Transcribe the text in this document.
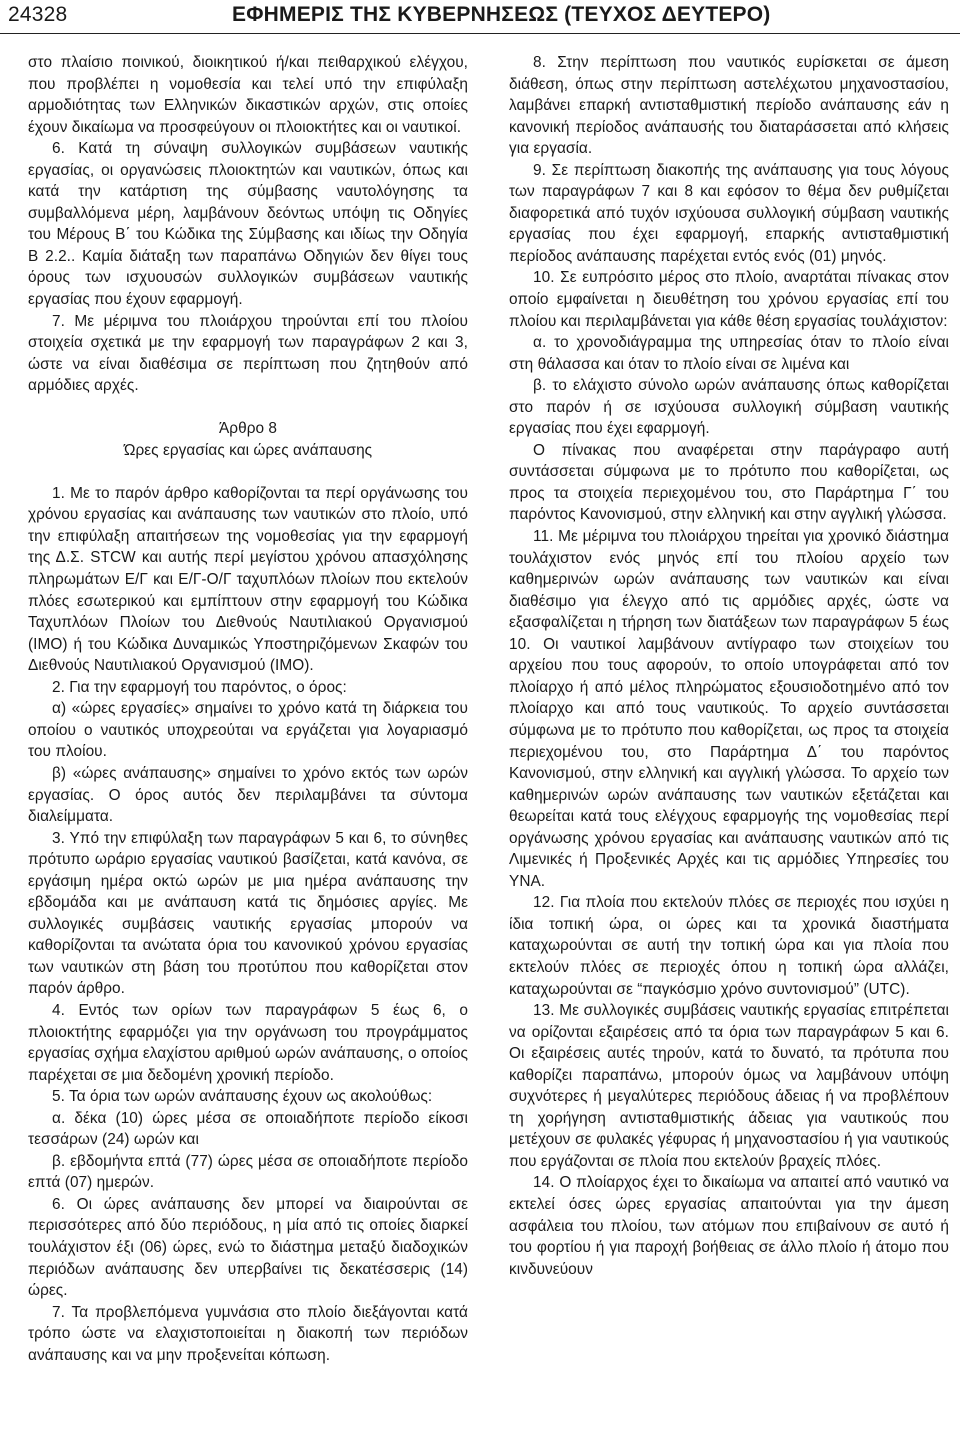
24328	ΕΦΗΜΕΡΙΣ ΤΗΣ ΚΥΒΕΡΝΗΣΕΩΣ (ΤΕΥΧΟΣ ΔΕΥΤΕΡΟ)

στο πλαίσιο ποινικού, διοικητικού ή/και πειθαρχικού ελέγχου, που προβλέπει η νομοθεσία και τελεί υπό την επιφύλαξη αρμοδιότητας των Ελληνικών δικαστικών αρχών, στις οποίες έχουν δικαίωμα να προσφεύγουν οι πλοιοκτήτες και οι ναυτικοί.

6. Κατά τη σύναψη συλλογικών συμβάσεων ναυτικής εργασίας, οι οργανώσεις πλοιοκτητών και ναυτικών, όπως και κατά την κατάρτιση της σύμβασης ναυτολόγησης τα συμβαλλόμενα μέρη, λαμβάνουν δεόντως υπόψη τις Οδηγίες του Μέρους Β΄ του Κώδικα της Σύμβασης και ιδίως την Οδηγία Β 2.2.. Καμία διάταξη των παραπάνω Οδηγιών δεν θίγει τους όρους των ισχυουσών συλλογικών συμβάσεων ναυτικής εργασίας που έχουν εφαρμογή.

7. Με μέριμνα του πλοιάρχου τηρούνται επί του πλοίου στοιχεία σχετικά με την εφαρμογή των παραγράφων 2 και 3, ώστε να είναι διαθέσιμα σε περίπτωση που ζητηθούν από αρμόδιες αρχές.

Άρθρο 8

Ώρες εργασίας και ώρες ανάπαυσης

1. Με το παρόν άρθρο καθορίζονται τα περί οργάνωσης του χρόνου εργασίας και ανάπαυσης των ναυτικών στο πλοίο, υπό την επιφύλαξη απαιτήσεων της νομοθεσίας για την εφαρμογή της Δ.Σ. STCW και αυτής περί μεγίστου χρόνου απασχόλησης πληρωμάτων Ε/Γ και Ε/Γ-Ο/Γ ταχυπλόων πλοίων που εκτελούν πλόες εσωτερικού και εμπίπτουν στην εφαρμογή του Κώδικα Ταχυπλόων Πλοίων του Διεθνούς Ναυτιλιακού Οργανισμού (ΙΜΟ) ή του Κώδικα Δυναμικώς Υποστηριζόμενων Σκαφών του Διεθνούς Ναυτιλιακού Οργανισμού (ΙΜΟ).

2. Για την εφαρμογή του παρόντος, ο όρος:

α) «ώρες εργασίες» σημαίνει το χρόνο κατά τη διάρκεια του οποίου ο ναυτικός υποχρεούται να εργάζεται για λογαριασμό του πλοίου.

β) «ώρες ανάπαυσης» σημαίνει το χρόνο εκτός των ωρών εργασίας. Ο όρος αυτός δεν περιλαμβάνει τα σύντομα διαλείμματα.

3. Υπό την επιφύλαξη των παραγράφων 5 και 6, το σύνηθες πρότυπο ωράριο εργασίας ναυτικού βασίζεται, κατά κανόνα, σε εργάσιμη ημέρα οκτώ ωρών με μια ημέρα ανάπαυσης την εβδομάδα και με ανάπαυση κατά τις δημόσιες αργίες. Με συλλογικές συμβάσεις ναυτικής εργασίας μπορούν να καθορίζονται τα ανώτατα όρια του κανονικού χρόνου εργασίας των ναυτικών στη βάση του προτύπου που καθορίζεται στον παρόν άρθρο.

4. Εντός των ορίων των παραγράφων 5 έως 6, ο πλοιοκτήτης εφαρμόζει για την οργάνωση του προγράμματος εργασίας σχήμα ελαχίστου αριθμού ωρών ανάπαυσης, ο οποίος παρέχεται σε μια δεδομένη χρονική περίοδο.

5. Τα όρια των ωρών ανάπαυσης έχουν ως ακολούθως:

α. δέκα (10) ώρες μέσα σε οποιαδήποτε περίοδο είκοσι τεσσάρων (24) ωρών και

β. εβδομήντα επτά (77) ώρες μέσα σε οποιαδήποτε περίοδο επτά (07) ημερών.

6. Οι ώρες ανάπαυσης δεν μπορεί να διαιρούνται σε περισσότερες από δύο περιόδους, η μία από τις οποίες διαρκεί τουλάχιστον έξι (06) ώρες, ενώ το διάστημα μεταξύ διαδοχικών περιόδων ανάπαυσης δεν υπερβαίνει τις δεκατέσσερις (14) ώρες.

7. Τα προβλεπόμενα γυμνάσια στο πλοίο διεξάγονται κατά τρόπο ώστε να ελαχιστοποιείται η διακοπή των περιόδων ανάπαυσης και να μην προξενείται κόπωση.

8. Στην περίπτωση που ναυτικός ευρίσκεται σε άμεση διάθεση, όπως στην περίπτωση αστελέχωτου μηχανοστασίου, λαμβάνει επαρκή αντισταθμιστική περίοδο ανάπαυσης εάν η κανονική περίοδος ανάπαυσής του διαταράσσεται από κλήσεις για εργασία.

9. Σε περίπτωση διακοπής της ανάπαυσης για τους λόγους των παραγράφων 7 και 8 και εφόσον το θέμα δεν ρυθμίζεται διαφορετικά από τυχόν ισχύουσα συλλογική σύμβαση ναυτικής εργασίας που έχει εφαρμογή, επαρκής αντισταθμιστική περίοδος ανάπαυσης παρέχεται εντός ενός (01) μηνός.

10. Σε ευπρόσιτο μέρος στο πλοίο, αναρτάται πίνακας στον οποίο εμφαίνεται η διευθέτηση του χρόνου εργασίας επί του πλοίου και περιλαμβάνεται για κάθε θέση εργασίας τουλάχιστον:

α. το χρονοδιάγραμμα της υπηρεσίας όταν το πλοίο είναι στη θάλασσα και όταν το πλοίο είναι σε λιμένα και

β. το ελάχιστο σύνολο ωρών ανάπαυσης όπως καθορίζεται στο παρόν ή σε ισχύουσα συλλογική σύμβαση ναυτικής εργασίας που έχει εφαρμογή.

Ο πίνακας που αναφέρεται στην παράγραφο αυτή συντάσσεται σύμφωνα με το πρότυπο που καθορίζεται, ως προς τα στοιχεία περιεχομένου του, στο Παράρτημα Γ΄ του παρόντος Κανονισμού, στην ελληνική και στην αγγλική γλώσσα.

11. Με μέριμνα του πλοιάρχου τηρείται για χρονικό διάστημα τουλάχιστον ενός μηνός επί του πλοίου αρχείο των καθημερινών ωρών ανάπαυσης των ναυτικών και είναι διαθέσιμο για έλεγχο από τις αρμόδιες αρχές, ώστε να εξασφαλίζεται η τήρηση των διατάξεων των παραγράφων 5 έως 10. Οι ναυτικοί λαμβάνουν αντίγραφο των στοιχείων του αρχείου που τους αφορούν, το οποίο υπογράφεται από τον πλοίαρχο ή από μέλος πληρώματος εξουσιοδοτημένο από τον πλοίαρχο και από τους ναυτικούς. Το αρχείο συντάσσεται σύμφωνα με το πρότυπο που καθορίζεται, ως προς τα στοιχεία περιεχομένου του, στο Παράρτημα Δ΄ του παρόντος Κανονισμού, στην ελληνική και αγγλική γλώσσα. Το αρχείο των καθημερινών ωρών ανάπαυσης των ναυτικών εξετάζεται και θεωρείται κατά τους ελέγχους εφαρμογής της νομοθεσίας περί οργάνωσης χρόνου εργασίας και ανάπαυσης ναυτικών από τις Λιμενικές ή Προξενικές Αρχές και τις αρμόδιες Υπηρεσίες του ΥΝΑ.

12. Για πλοία που εκτελούν πλόες σε περιοχές που ισχύει η ίδια τοπική ώρα, οι ώρες και τα χρονικά διαστήματα καταχωρούνται σε αυτή την τοπική ώρα και για πλοία που εκτελούν πλόες σε περιοχές όπου η τοπική ώρα αλλάζει, καταχωρούνται σε “παγκόσμιο χρόνο συντονισμού” (UTC).

13. Με συλλογικές συμβάσεις ναυτικής εργασίας επιτρέπεται να ορίζονται εξαιρέσεις από τα όρια των παραγράφων 5 και 6. Οι εξαιρέσεις αυτές τηρούν, κατά το δυνατό, τα πρότυπα που καθορίζει παραπάνω, μπορούν όμως να λαμβάνουν υπόψη συχνότερες ή μεγαλύτερες περιόδους άδειας ή να προβλέπουν τη χορήγηση αντισταθμιστικής άδειας για ναυτικούς που μετέχουν σε φυλακές γέφυρας ή μηχανοστασίου ή για ναυτικούς που εργάζονται σε πλοία που εκτελούν βραχείς πλόες.

14. Ο πλοίαρχος έχει το δικαίωμα να απαιτεί από ναυτικό να εκτελεί όσες ώρες εργασίας απαιτούνται για την άμεση ασφάλεια του πλοίου, των ατόμων που επιβαίνουν σε αυτό ή του φορτίου ή για παροχή βοήθειας σε άλλο πλοίο ή άτομο που κινδυνεύουν
